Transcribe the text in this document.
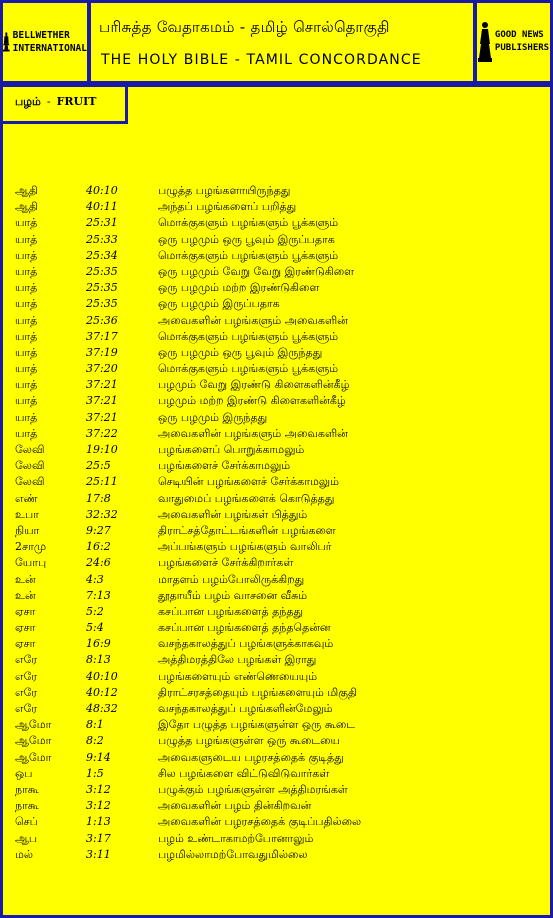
BELLWETHER
INTERNATIONAL
பரிசுத்த வேதாகமம் - தமிழ் சொல்தொகுதி
THE HOLY BIBLE - TAMIL CONCORDANCE
GOOD NEWS
PUBLISHERS
பழம் - FRUIT
ஆதி	40:10	பழுத்த பழங்களாயிருந்தது
ஆதி	40:11	அந்தப் பழங்களைப் பறித்து
யாத்	25:31	மொக்குகளும் பழங்களும் பூக்களும்
யாத்	25:33	ஒரு பழமும் ஒரு பூவும் இருப்பதாக
யாத்	25:34	மொக்குகளும் பழங்களும் பூக்களும்
யாத்	25:35	ஒரு பழமும் வேறு வேறு இரண்டுகிளை
யாத்	25:35	ஒரு பழமும் மற்ற இரண்டுகிளை
யாத்	25:35	ஒரு பழமும் இருப்பதாக
யாத்	25:36	அவைகளின் பழங்களும் அவைகளின்
யாத்	37:17	மொக்குகளும் பழங்களும் பூக்களும்
யாத்	37:19	ஒரு பழமும் ஒரு பூவும் இருந்தது
யாத்	37:20	மொக்குகளும் பழங்களும் பூக்களும்
யாத்	37:21	பழமும் வேறு இரண்டு கிளைகளின்கீழ்
யாத்	37:21	பழமும் மற்ற இரண்டு கிளைகளின்கீழ்
யாத்	37:21	ஒரு பழமும் இருந்தது
யாத்	37:22	அவைகளின் பழங்களும் அவைகளின்
லேவி	19:10	பழங்களைப் பொறுக்காமலும்
லேவி	25:5	பழங்களைச் சேர்க்காமலும்
லேவி	25:11	செடியின் பழங்களைச் சேர்க்காமலும்
எண்	17:8	வாதுமைப் பழங்களைக் கொடுத்தது
உபா	32:32	அவைகளின் பழங்கள் பித்தும்
நியா	9:27	திராட்சத்தோட்டங்களின் பழங்களை
2சாமு	16:2	அப்பங்களும் பழங்களும் வாலிபர்
யோபு	24:6	பழங்களைச் சேர்க்கிறார்கள்
உன்	4:3	மாதளம் பழம்போலிருக்கிறது
உன்	7:13	தூதாயீம் பழம் வாசனை வீசும்
ஏசா	5:2	கசப்பான பழங்களைத் தந்தது
ஏசா	5:4	கசப்பான பழங்களைத் தந்ததென்ன
ஏசா	16:9	வசந்தகாலத்துப் பழங்களுக்காகவும்
எரே	8:13	அத்திமரத்திலே பழங்கள் இராது
எரே	40:10	பழங்களையும் எண்ணெயையும்
எரே	40:12	திராட்சரசத்தையும் பழங்களையும் மிகுதி
எரே	48:32	வசந்தகாலத்துப் பழங்களின்மேலும்
ஆமோ	8:1	இதோ பழுத்த பழங்களுள்ள ஒரு கூடை
ஆமோ	8:2	பழுத்த பழங்களுள்ள ஒரு கூடையை
ஆமோ	9:14	அவைகளுடைய பழரசத்தைக் குடித்து
ஒப	1:5	சில பழங்களை விட்டுவிடுவார்கள்
நாகூ	3:12	பழுக்கும் பழங்களுள்ள அத்திமரங்கள்
நாகூ	3:12	அவைகளின் பழம் தின்கிறவன்
செப்	1:13	அவைகளின் பழரசத்தைக் குடிப்பதில்லை
ஆப	3:17	பழம் உண்டாகாமற்போனாலும்
மல்	3:11	பழமில்லாமற்போவதுமில்லை
